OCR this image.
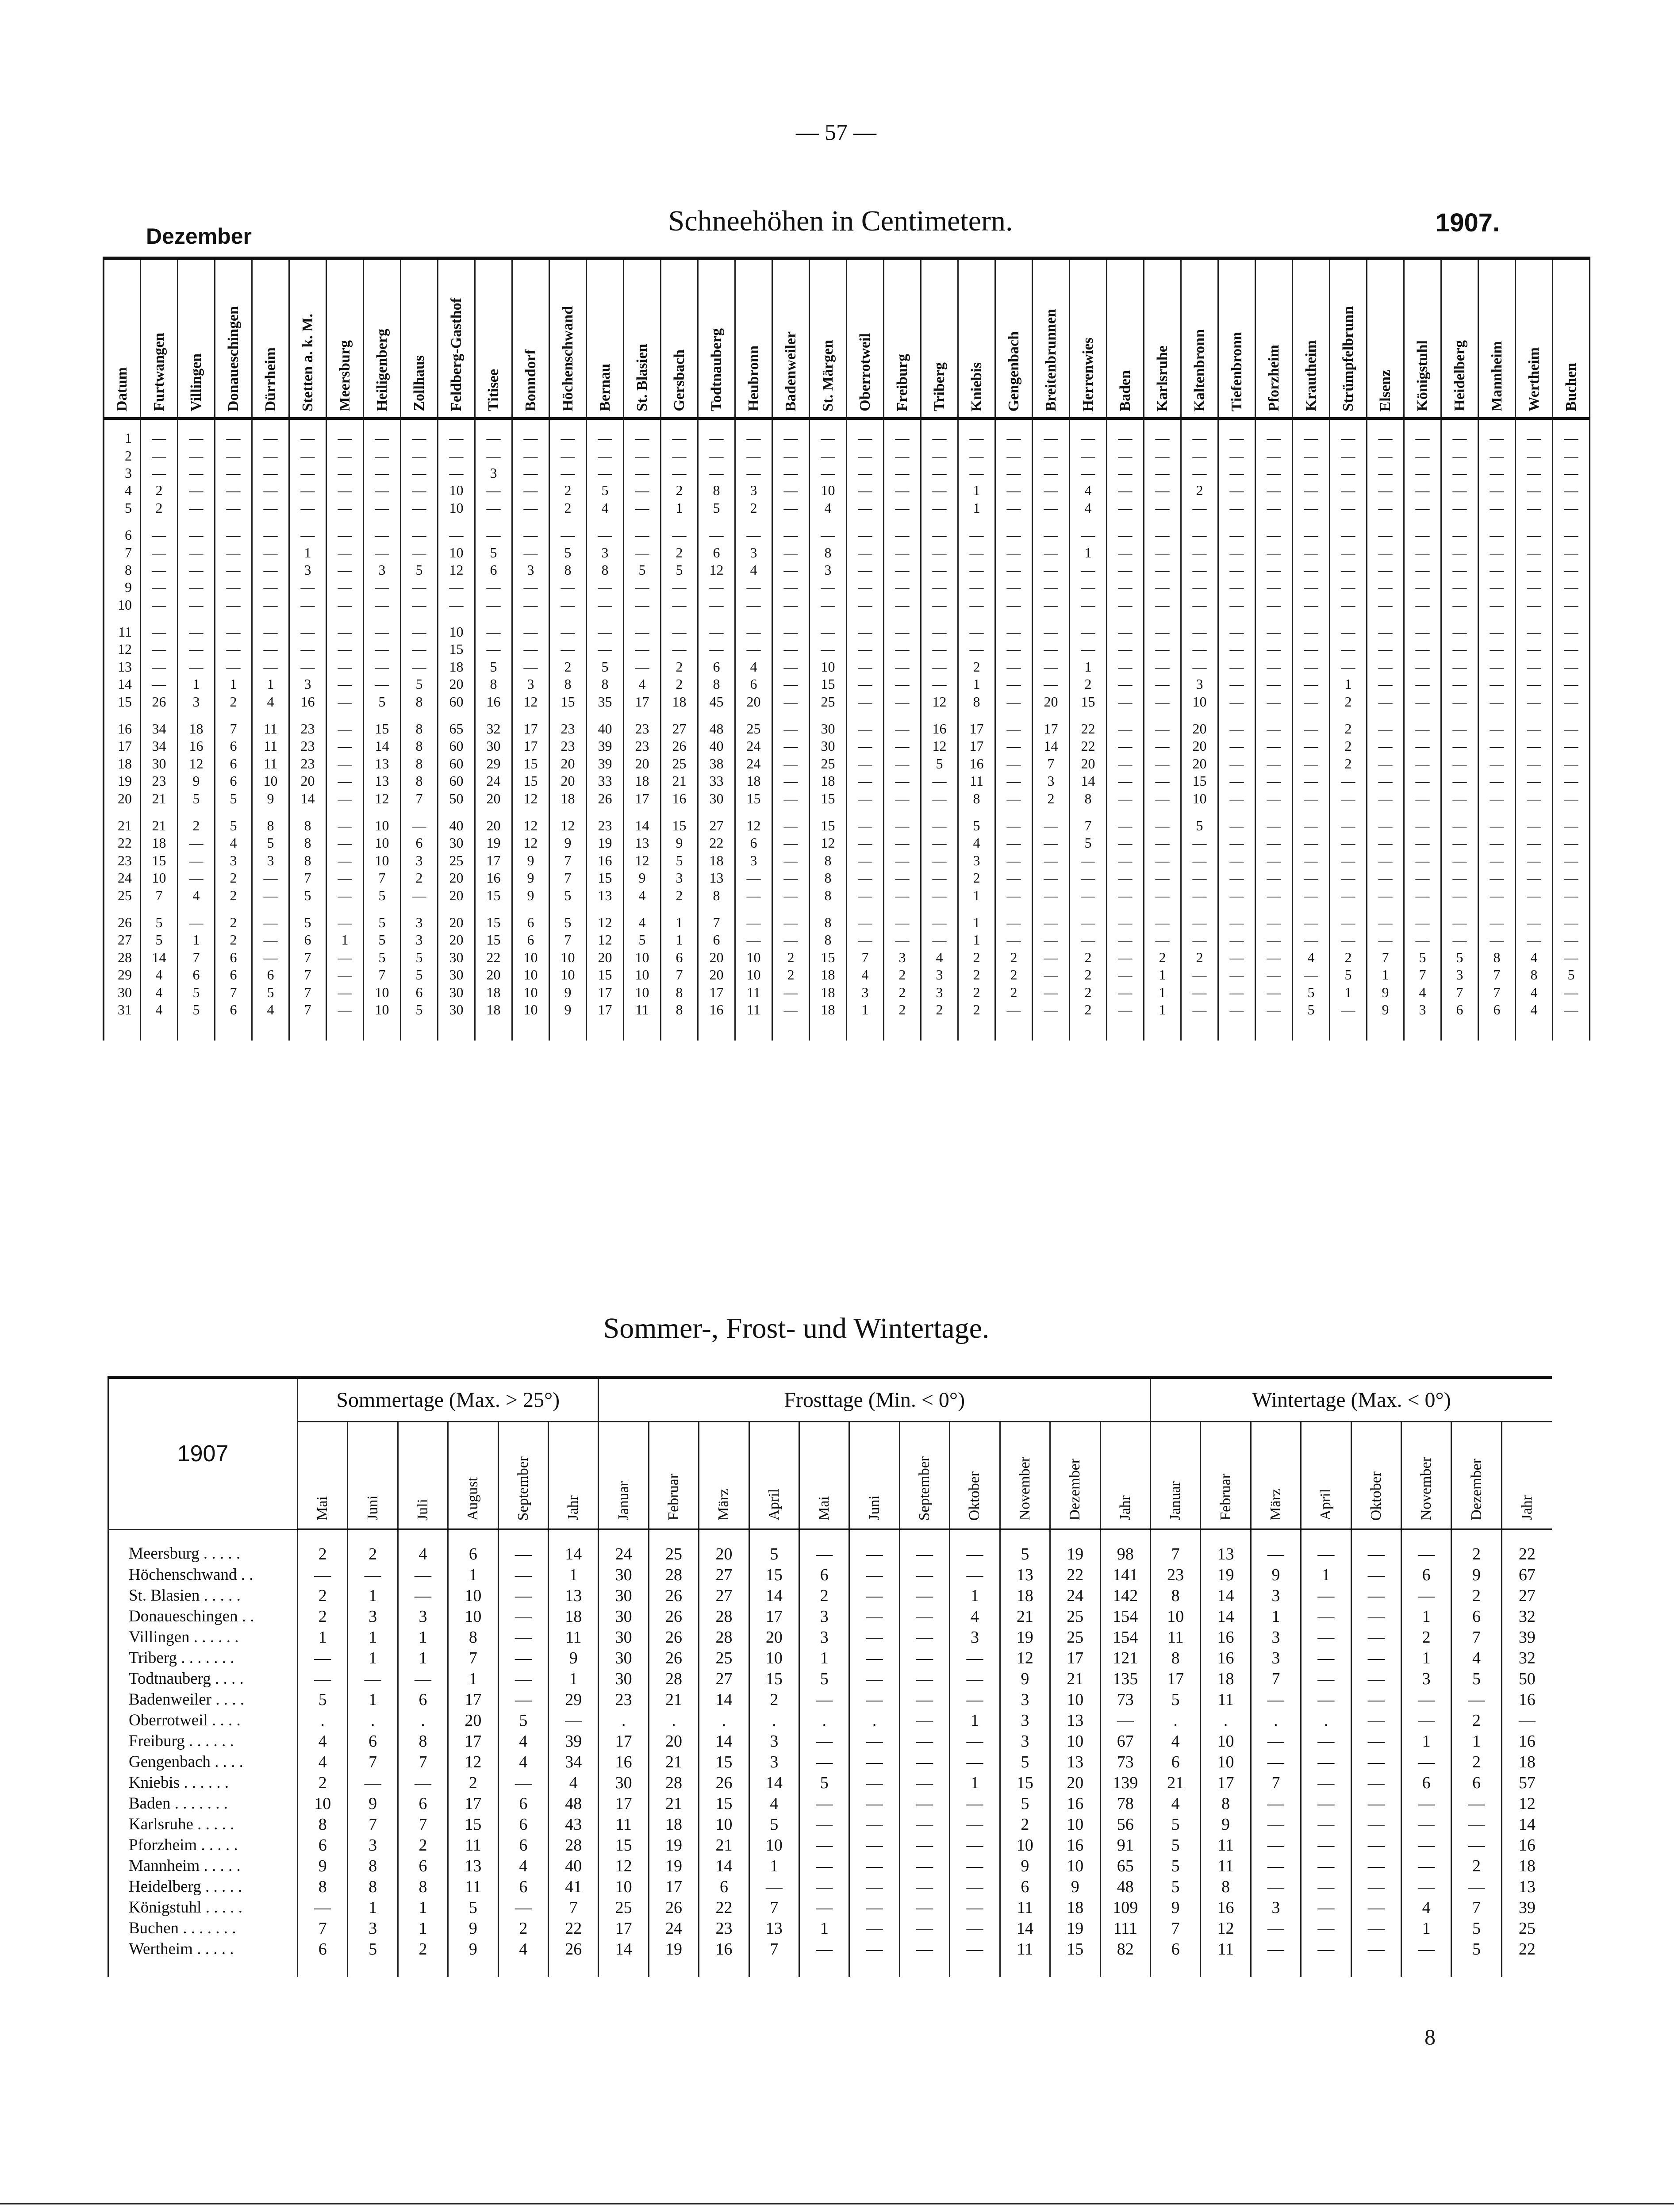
— 57 —
Dezember	Schneehöhen in Centimetern.	1907.
Datum	Furtwangen	Villingen	Donaueschingen	Dürrheim	Stetten a. k. M.	Meersburg	Heiligenberg	Zollhaus	Feldberg-Gasthof	Titisee	Bonndorf	Höchenschwand	Bernau	St. Blasien	Gersbach	Todtnauberg	Heubronn	Badenweiler	St. Märgen	Oberrotweil	Freiburg	Triberg	Kniebis	Gengenbach	Breitenbrunnen	Herrenwies	Baden	Karlsruhe	Kaltenbronn	Tiefenbronn	Pforzheim	Krautheim	Strümpfelbrunn	Elsenz	Königstuhl	Heidelberg	Mannheim	Wertheim	Buchen

1	—	—	—	—	—	—	—	—	—	—	—	—	—	—	—	—	—	—	—	—	—	—	—	—	—	—	—	—	—	—	—	—	—	—	—	—	—	—	—
2	—	—	—	—	—	—	—	—	—	—	—	—	—	—	—	—	—	—	—	—	—	—	—	—	—	—	—	—	—	—	—	—	—	—	—	—	—	—	—
3	—	—	—	—	—	—	—	—	—	3	—	—	—	—	—	—	—	—	—	—	—	—	—	—	—	—	—	—	—	—	—	—	—	—	—	—	—	—	—
4	2	—	—	—	—	—	—	—	10	—	—	2	5	—	2	8	3	—	10	—	—	—	1	—	—	4	—	—	2	—	—	—	—	—	—	—	—	—	—
5	2	—	—	—	—	—	—	—	10	—	—	2	4	—	1	5	2	—	4	—	—	—	1	—	—	4	—	—	—	—	—	—	—	—	—	—	—	—	—

6	—	—	—	—	—	—	—	—	—	—	—	—	—	—	—	—	—	—	—	—	—	—	—	—	—	—	—	—	—	—	—	—	—	—	—	—	—	—	—
7	—	—	—	—	1	—	—	—	10	5	—	5	3	—	2	6	3	—	8	—	—	—	—	—	—	1	—	—	—	—	—	—	—	—	—	—	—	—	—
8	—	—	—	—	3	—	3	5	12	6	3	8	8	5	5	12	4	—	3	—	—	—	—	—	—	—	—	—	—	—	—	—	—	—	—	—	—	—	—
9	—	—	—	—	—	—	—	—	—	—	—	—	—	—	—	—	—	—	—	—	—	—	—	—	—	—	—	—	—	—	—	—	—	—	—	—	—	—	—
10	—	—	—	—	—	—	—	—	—	—	—	—	—	—	—	—	—	—	—	—	—	—	—	—	—	—	—	—	—	—	—	—	—	—	—	—	—	—	—

11	—	—	—	—	—	—	—	—	10	—	—	—	—	—	—	—	—	—	—	—	—	—	—	—	—	—	—	—	—	—	—	—	—	—	—	—	—	—	—
12	—	—	—	—	—	—	—	—	15	—	—	—	—	—	—	—	—	—	—	—	—	—	—	—	—	—	—	—	—	—	—	—	—	—	—	—	—	—	—
13	—	—	—	—	—	—	—	—	18	5	—	2	5	—	2	6	4	—	10	—	—	—	2	—	—	1	—	—	—	—	—	—	—	—	—	—	—	—	—
14	—	1	1	1	3	—	—	5	20	8	3	8	8	4	2	8	6	—	15	—	—	—	1	—	—	2	—	—	3	—	—	—	1	—	—	—	—	—	—
15	26	3	2	4	16	—	5	8	60	16	12	15	35	17	18	45	20	—	25	—	—	12	8	—	20	15	—	—	10	—	—	—	2	—	—	—	—	—	—

16	34	18	7	11	23	—	15	8	65	32	17	23	40	23	27	48	25	—	30	—	—	16	17	—	17	22	—	—	20	—	—	—	2	—	—	—	—	—	—
17	34	16	6	11	23	—	14	8	60	30	17	23	39	23	26	40	24	—	30	—	—	12	17	—	14	22	—	—	20	—	—	—	2	—	—	—	—	—	—
18	30	12	6	11	23	—	13	8	60	29	15	20	39	20	25	38	24	—	25	—	—	5	16	—	7	20	—	—	20	—	—	—	2	—	—	—	—	—	—
19	23	9	6	10	20	—	13	8	60	24	15	20	33	18	21	33	18	—	18	—	—	—	11	—	3	14	—	—	15	—	—	—	—	—	—	—	—	—	—
20	21	5	5	9	14	—	12	7	50	20	12	18	26	17	16	30	15	—	15	—	—	—	8	—	2	8	—	—	10	—	—	—	—	—	—	—	—	—	—

21	21	2	5	8	8	—	10	—	40	20	12	12	23	14	15	27	12	—	15	—	—	—	5	—	—	7	—	—	5	—	—	—	—	—	—	—	—	—	—
22	18	—	4	5	8	—	10	6	30	19	12	9	19	13	9	22	6	—	12	—	—	—	4	—	—	5	—	—	—	—	—	—	—	—	—	—	—	—	—
23	15	—	3	3	8	—	10	3	25	17	9	7	16	12	5	18	3	—	8	—	—	—	3	—	—	—	—	—	—	—	—	—	—	—	—	—	—	—	—
24	10	—	2	—	7	—	7	2	20	16	9	7	15	9	3	13	—	—	8	—	—	—	2	—	—	—	—	—	—	—	—	—	—	—	—	—	—	—	—
25	7	4	2	—	5	—	5	—	20	15	9	5	13	4	2	8	—	—	8	—	—	—	1	—	—	—	—	—	—	—	—	—	—	—	—	—	—	—	—

26	5	—	2	—	5	—	5	3	20	15	6	5	12	4	1	7	—	—	8	—	—	—	1	—	—	—	—	—	—	—	—	—	—	—	—	—	—	—	—
27	5	1	2	—	6	1	5	3	20	15	6	7	12	5	1	6	—	—	8	—	—	—	1	—	—	—	—	—	—	—	—	—	—	—	—	—	—	—	—
28	14	7	6	—	7	—	5	5	30	22	10	10	20	10	6	20	10	2	15	7	3	4	2	2	—	2	—	2	2	—	—	4	2	7	5	5	8	4	—
29	4	6	6	6	7	—	7	5	30	20	10	10	15	10	7	20	10	2	18	4	2	3	2	2	—	2	—	1	—	—	—	—	5	1	7	3	7	8	5
30	4	5	7	5	7	—	10	6	30	18	10	9	17	10	8	17	11	—	18	3	2	3	2	2	—	2	—	1	—	—	—	5	1	9	4	7	7	4	—
31	4	5	6	4	7	—	10	5	30	18	10	9	17	11	8	16	11	—	18	1	2	2	2	—	—	2	—	1	—	—	—	5	—	9	3	6	6	4	—

Sommer-, Frost- und Wintertage.
1907	Sommertage (Max. > 25°)						Frosttage (Min. < 0°)											Wintertage (Max. < 0°)							
	Mai	Juni	Juli	August	September	Jahr	Januar	Februar	März	April	Mai	Juni	September	Oktober	November	Dezember	Jahr	Januar	Februar	März	April	Oktober	November	Dezember	Jahr
Meersburg . . . . .	2	2	4	6	—	14	24	25	20	5	—	—	—	—	5	19	98	7	13	—	—	—	—	2	22
Höchenschwand . .	—	—	—	1	—	1	30	28	27	15	6	—	—	—	13	22	141	23	19	9	1	—	6	9	67
St. Blasien . . . . .	2	1	—	10	—	13	30	26	27	14	2	—	—	1	18	24	142	8	14	3	—	—	—	2	27
Donaueschingen . .	2	3	3	10	—	18	30	26	28	17	3	—	—	4	21	25	154	10	14	1	—	—	1	6	32
Villingen . . . . . .	1	1	1	8	—	11	30	26	28	20	3	—	—	3	19	25	154	11	16	3	—	—	2	7	39
Triberg . . . . . . .	—	1	1	7	—	9	30	26	25	10	1	—	—	—	12	17	121	8	16	3	—	—	1	4	32
Todtnauberg . . . .	—	—	—	1	—	1	30	28	27	15	5	—	—	—	9	21	135	17	18	7	—	—	3	5	50
Badenweiler . . . .	5	1	6	17	—	29	23	21	14	2	—	—	—	—	3	10	73	5	11	—	—	—	—	—	16
Oberrotweil . . . .	.	.	.	20	5	—	.	.	.	.	.	.	—	1	3	13	—	.	.	.	.	—	—	2	—
Freiburg . . . . . .	4	6	8	17	4	39	17	20	14	3	—	—	—	—	3	10	67	4	10	—	—	—	1	1	16
Gengenbach . . . .	4	7	7	12	4	34	16	21	15	3	—	—	—	—	5	13	73	6	10	—	—	—	—	2	18
Kniebis . . . . . .	2	—	—	2	—	4	30	28	26	14	5	—	—	1	15	20	139	21	17	7	—	—	6	6	57
Baden . . . . . . .	10	9	6	17	6	48	17	21	15	4	—	—	—	—	5	16	78	4	8	—	—	—	—	—	12
Karlsruhe . . . . .	8	7	7	15	6	43	11	18	10	5	—	—	—	—	2	10	56	5	9	—	—	—	—	—	14
Pforzheim . . . . .	6	3	2	11	6	28	15	19	21	10	—	—	—	—	10	16	91	5	11	—	—	—	—	—	16
Mannheim . . . . .	9	8	6	13	4	40	12	19	14	1	—	—	—	—	9	10	65	5	11	—	—	—	—	2	18
Heidelberg . . . . .	8	8	8	11	6	41	10	17	6	—	—	—	—	—	6	9	48	5	8	—	—	—	—	—	13
Königstuhl . . . . .	—	1	1	5	—	7	25	26	22	7	—	—	—	—	11	18	109	9	16	3	—	—	4	7	39
Buchen . . . . . . .	7	3	1	9	2	22	17	24	23	13	1	—	—	—	14	19	111	7	12	—	—	—	1	5	25
Wertheim . . . . .	6	5	2	9	4	26	14	19	16	7	—	—	—	—	11	15	82	6	11	—	—	—	—	5	22

8
